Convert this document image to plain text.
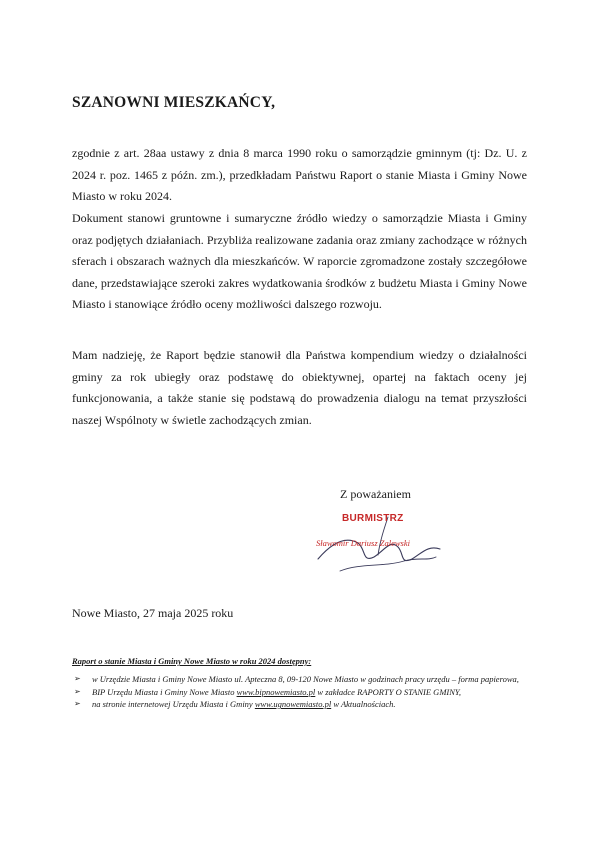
SZANOWNI MIESZKAŃCY,

zgodnie z art. 28aa ustawy z dnia 8 marca 1990 roku o samorządzie gminnym (tj: Dz. U. z 2024 r. poz. 1465 z późn. zm.), przedkładam Państwu Raport o stanie Miasta i Gminy Nowe Miasto w roku 2024.

Dokument stanowi gruntowne i sumaryczne źródło wiedzy o samorządzie Miasta i Gminy oraz podjętych działaniach. Przybliża realizowane zadania oraz zmiany zachodzące w różnych sferach i obszarach ważnych dla mieszkańców. W raporcie zgromadzone zostały szczegółowe dane, przedstawiające szeroki zakres wydatkowania środków z budżetu Miasta i Gminy Nowe Miasto i stanowiące źródło oceny możliwości dalszego rozwoju.

Mam nadzieję, że Raport będzie stanowił dla Państwa kompendium wiedzy o działalności gminy za rok ubiegły oraz podstawę do obiektywnej, opartej na faktach oceny jej funkcjonowania, a także stanie się podstawą do prowadzenia dialogu na temat przyszłości naszej Wspólnoty w świetle zachodzących zmian.

Z poważaniem
BURMISTRZ
Sławomir Dariusz Zalewski
Nowe Miasto, 27 maja 2025 roku
Raport o stanie Miasta i Gminy Nowe Miasto w roku 2024 dostępny:
➢ w Urzędzie Miasta i Gminy Nowe Miasto ul. Aptеczna 8, 09-120 Nowe Miasto w godzinach pracy urzędu – forma papierowa,
➢ BIP Urzędu Miasta i Gminy Nowe Miasto www.bipnowemiasto.pl w zakładce RAPORTY O STANIE GMINY,
➢ na stronie internetowej Urzędu Miasta i Gminy www.ugnowemiasto.pl w Aktualnościach.
